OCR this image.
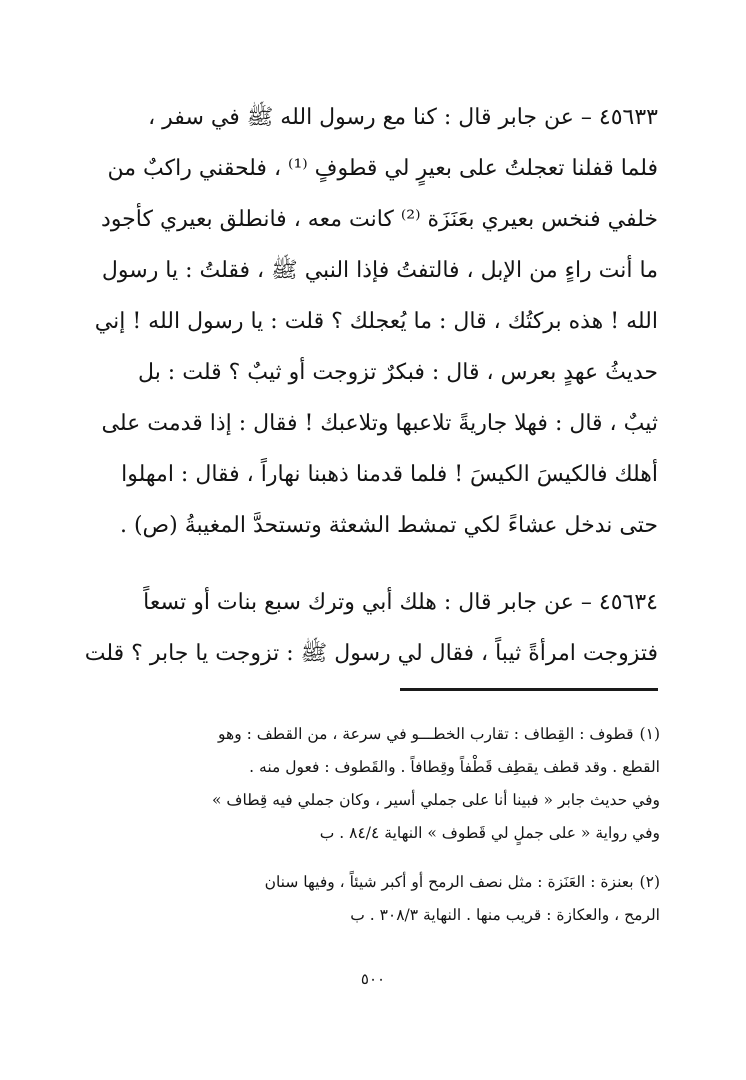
٤٥٦٣٣ – عن جابر قال : كنا مع رسول الله ﷺ في سفر ،

فلما قفلنا تعجلتُ على بعيرٍ لي قطوفٍ ⁽¹⁾ ، فلحقني راكبٌ من

خلفي فنخس بعيري بعَنَزَة ⁽²⁾ كانت معه ، فانطلق بعيري كأجود

ما أنت راءٍ من الإبل ، فالتفتُ فإذا النبي ﷺ ، فقلتُ : يا رسول

الله ! هذه بركتُك ، قال : ما يُعجلك ؟ قلت : يا رسول الله ! إني

حديثُ عهدٍ بعرس ، قال : فبكرٌ تزوجت أو ثيبٌ ؟ قلت : بل

ثيبٌ ، قال : فهلا جاريةً تلاعبها وتلاعبك ! فقال : إذا قدمت على

أهلك فالكيسَ الكيسَ ! فلما قدمنا ذهبنا نهاراً ، فقال : امهلوا

حتى ندخل عشاءً لكي تمشط الشعثة وتستحدَّ المغيبةُ (ص) .

٤٥٦٣٤ – عن جابر قال : هلك أبي وترك سبع بنات أو تسعاً

فتزوجت امرأةً ثيباً ، فقال لي رسول ﷺ : تزوجت يا جابر ؟ قلت

(١)قطوف : القِطاف : تقارب الخطـــو في سرعة ، من القطف : وهو
القطع . وقد قطف يقطِف قَطْفاً وقِطافاً . والقَطوف : فعول منه .
وفي حديث جابر « فبينا أنا على جملي أسير ، وكان جملي فيه قِطاف »
وفي رواية « على جملٍ لي قَطوف » النهاية ٨٤/٤ . ب
(٢)بعنزة : العَنَزة : مثل نصف الرمح أو أكبر شيئاً ، وفيها سنان
الرمح ، والعكازة : قريب منها . النهاية ٣٠٨/٣ . ب
٥٠٠
